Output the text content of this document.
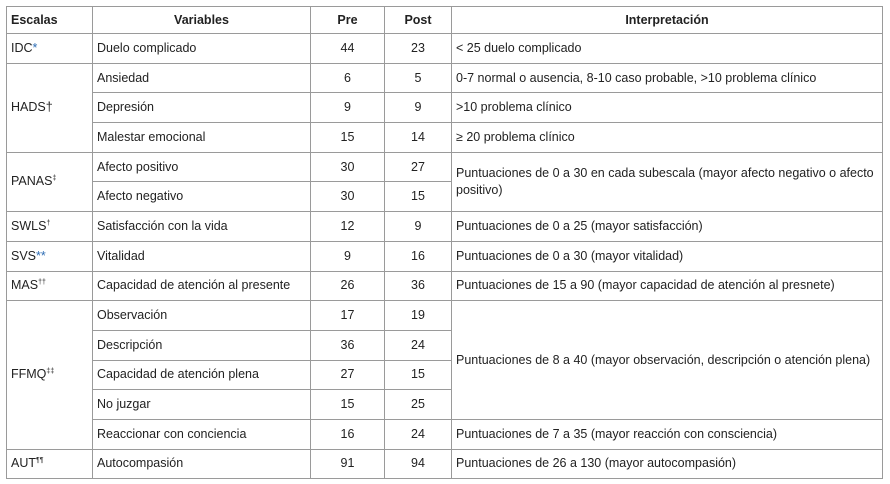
Escalas	Variables	Pre	Post	Interpretación
IDC*	Duelo complicado	44	23	< 25 duelo complicado
HADS†	Ansiedad	6	5	0-7 normal o ausencia, 8-10 caso probable, >10 problema clínico
	Depresión	9	9	>10 problema clínico
	Malestar emocional	15	14	≥ 20 problema clínico
PANAS‡	Afecto positivo	30	27	Puntuaciones de 0 a 30 en cada subescala (mayor afecto negativo o afecto positivo)
	Afecto negativo	30	15	
SWLS†	Satisfacción con la vida	12	9	Puntuaciones de 0 a 25 (mayor satisfacción)
SVS**	Vitalidad	9	16	Puntuaciones de 0 a 30 (mayor vitalidad)
MAS††	Capacidad de atención al presente	26	36	Puntuaciones de 15 a 90 (mayor capacidad de atención al presnete)
FFMQ‡‡	Observación	17	19	Puntuaciones de 8 a 40 (mayor observación, descripción o atención plena)
	Descripción	36	24	
	Capacidad de atención plena	27	15	
	No juzgar	15	25	
	Reaccionar con conciencia	16	24	Puntuaciones de 7 a 35 (mayor reacción con consciencia)
AUT¶¶	Autocompasión	91	94	Puntuaciones de 26 a 130 (mayor autocompasión)
